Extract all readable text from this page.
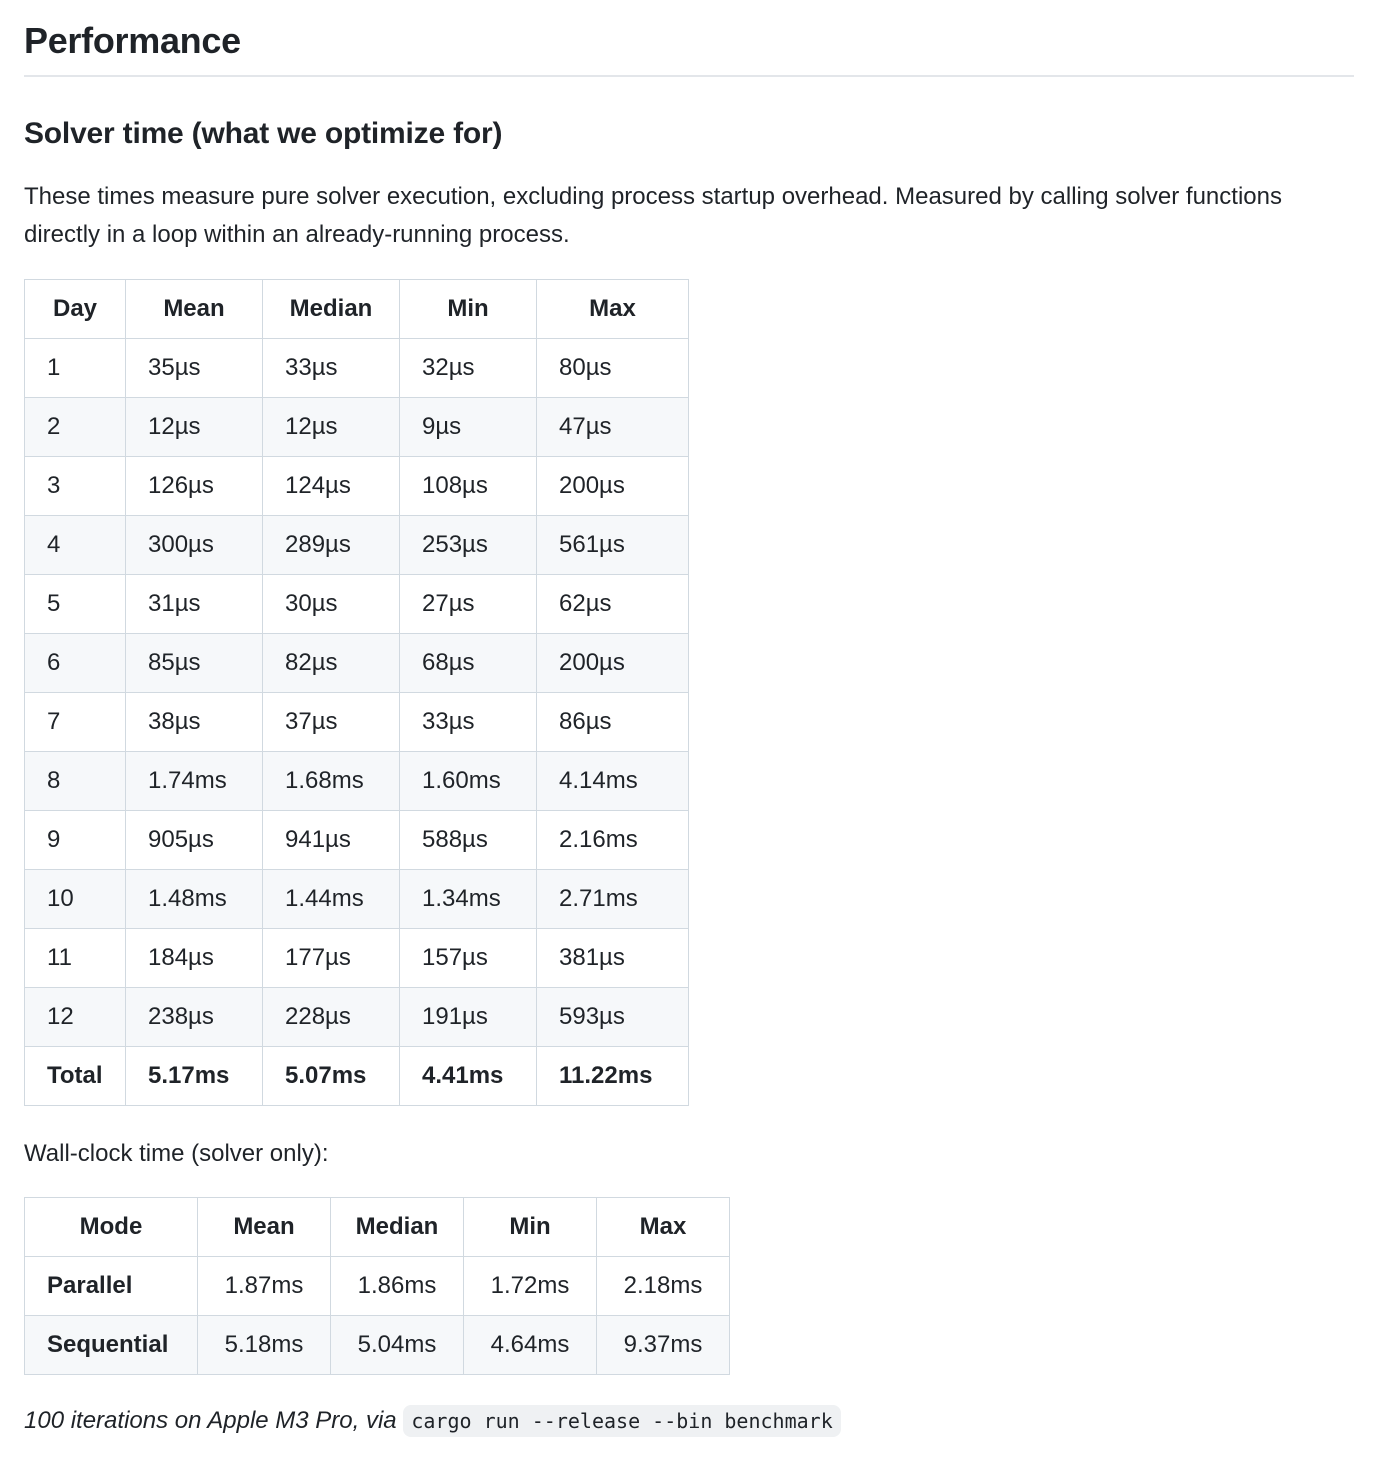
Performance
Solver time (what we optimize for)

These times measure pure solver execution, excluding process startup overhead. Measured by calling solver functions directly in a loop within an already-running process.

Day	Mean	Median	Min	Max
1	35µs	33µs	32µs	80µs
2	12µs	12µs	9µs	47µs
3	126µs	124µs	108µs	200µs
4	300µs	289µs	253µs	561µs
5	31µs	30µs	27µs	62µs
6	85µs	82µs	68µs	200µs
7	38µs	37µs	33µs	86µs
8	1.74ms	1.68ms	1.60ms	4.14ms
9	905µs	941µs	588µs	2.16ms
10	1.48ms	1.44ms	1.34ms	2.71ms
11	184µs	177µs	157µs	381µs
12	238µs	228µs	191µs	593µs
Total	5.17ms	5.07ms	4.41ms	11.22ms

Wall-clock time (solver only):

Mode	Mean	Median	Min	Max
Parallel	1.87ms	1.86ms	1.72ms	2.18ms
Sequential	5.18ms	5.04ms	4.64ms	9.37ms

100 iterations on Apple M3 Pro, via cargo run --release --bin benchmark
